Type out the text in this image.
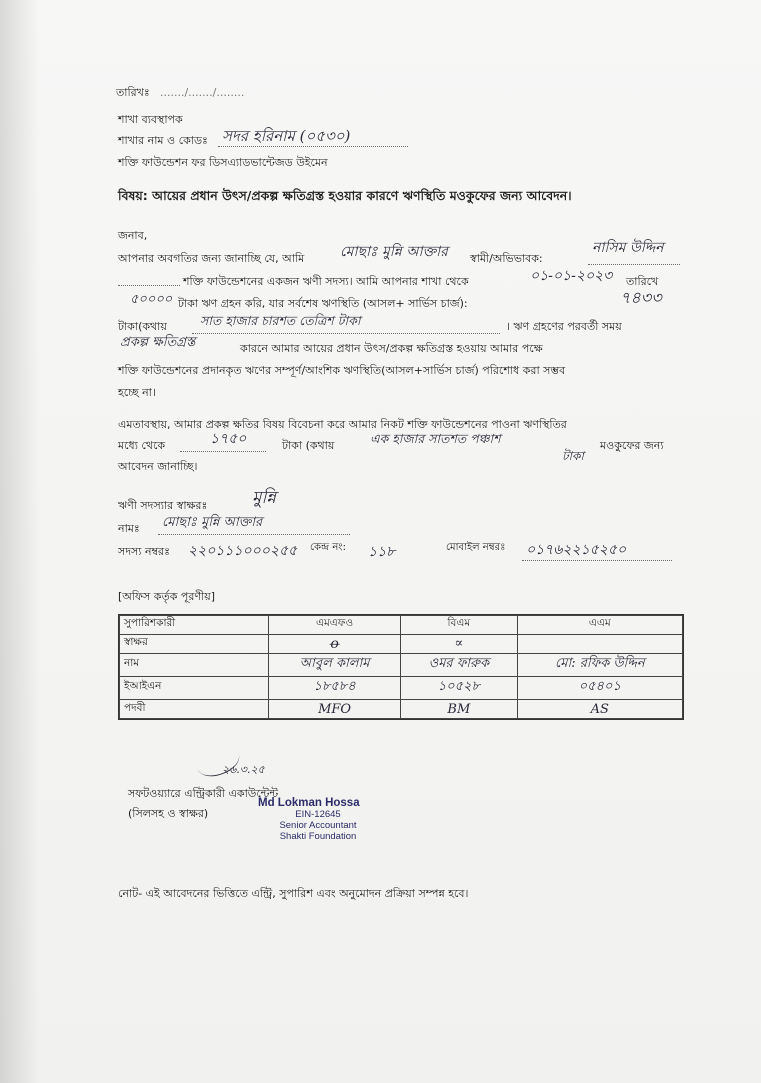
তারিখঃ ......./......./........
শাখা ব্যবস্থাপক
শাখার নাম ও কোডঃ সদর হরিনাম (০৫৩০)
শক্তি ফাউন্ডেশন ফর ডিসএ্যাডভান্টেজড উইমেন
বিষয়: আয়ের প্রধান উৎস/প্রকল্প ক্ষতিগ্রস্ত হওয়ার কারণে ঋণস্থিতি মওকুফের জন্য আবেদন।
জনাব,
আপনার অবগতির জন্য জানাচ্ছি যে, আমি	মোছাঃ মুন্নি আক্তার স্বামী/অভিভাবক:
নাসিম উদ্দিন
শক্তি ফাউন্ডেশনের একজন ঋণী সদস্য। আমি আপনার শাখা থেকে	০১-০১-২০২৩ তারিখে
৫০০০০ টাকা ঋণ গ্রহন করি, যার সর্বশেষ ঋণস্থিতি (আসল+ সার্ভিস চার্জ):	৭৪৩৩
টাকা(কথায়	সাত হাজার চারশত তেত্রিশ টাকা	। ঋণ গ্রহণের পরবর্তী সময়
প্রকল্প ক্ষতিগ্রস্ত	কারনে আমার আয়ের প্রধান উৎস/প্রকল্প ক্ষতিগ্রস্ত হওয়ায় আমার পক্ষে
শক্তি ফাউন্ডেশনের প্রদানকৃত ঋণের সম্পূর্ণ/আংশিক ঋণস্থিতি(আসল+সার্ভিস চার্জ) পরিশোধ করা সম্ভব
হচ্ছে না।
এমতাবস্থায়, আমার প্রকল্প ক্ষতির বিষয় বিবেচনা করে আমার নিকট শক্তি ফাউন্ডেশনের পাওনা ঋণস্থিতির
মধ্যে থেকে	১৭৫০	টাকা (কথায়	এক হাজার সাতশত পঞ্চাশ
টাকা
মওকুফের জন্য
আবেদন জানাচ্ছি।
ঋণী সদস্যার স্বাক্ষরঃ	মুন্নি
নামঃ মোছাঃ মুন্নি আক্তার
সদস্য নম্বরঃ ২২০১১১০০০২৫৫ কেন্দ্র নং: ১১৮	মোবাইল নম্বরঃ ০১৭৬২২১৫২৫০
[অফিস কর্তৃক পূরণীয়]
সুপারিশকারী	এমএফও	বিএম	এএম
স্বাক্ষর	ꝋ	∝	
নাম	আবুল কালাম	ওমর ফারুক	মো: রফিক উদ্দিন
ইআইএন	১৮৫৮৪	১০৫২৮	০৫৪০১
পদবী	MFO	BM	AS
২৬.৩.২৫
সফটওয়্যারে এন্ট্রিকারী একাউন্টেন্ট
(সিলসহ ও স্বাক্ষর)
Md Lokman Hossa
EIN-12645
Senior Accountant
Shakti Foundation
নোট- এই আবেদনের ভিত্তিতে এন্ট্রি, সুপারিশ এবং অনুমোদন প্রক্রিয়া সম্পন্ন হবে।
